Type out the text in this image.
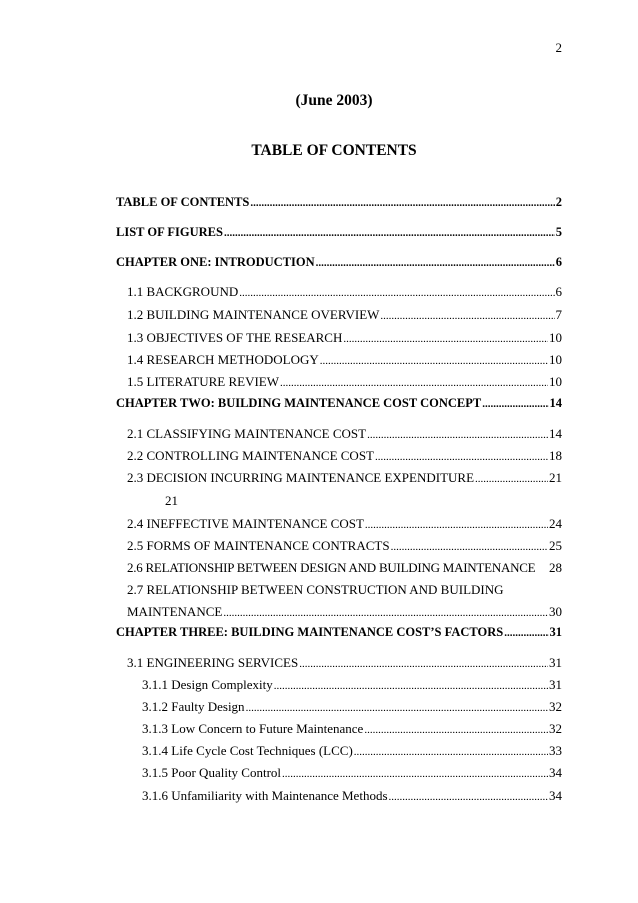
2
(June 2003)
TABLE OF CONTENTS
TABLE OF CONTENTS .....	2
LIST OF FIGURES .....	5
CHAPTER ONE: INTRODUCTION .....	6
1.1 BACKGROUND .....	6
1.2 BUILDING MAINTENANCE OVERVIEW .....	7
1.3 OBJECTIVES OF THE RESEARCH .....	10
1.4 RESEARCH METHODOLOGY .....	10
1.5 LITERATURE REVIEW .....	10
CHAPTER TWO: BUILDING MAINTENANCE COST CONCEPT .....	14
2.1 CLASSIFYING MAINTENANCE COST .....	14
2.2 CONTROLLING MAINTENANCE COST .....	18
2.3 DECISION INCURRING MAINTENANCE EXPENDITURE .....	21
21
2.4 INEFFECTIVE MAINTENANCE COST .....	24
2.5 FORMS OF MAINTENANCE CONTRACTS .....	25
2.6 RELATIONSHIP BETWEEN DESIGN AND BUILDING MAINTENANCE	28
2.7 RELATIONSHIP BETWEEN CONSTRUCTION AND BUILDING
MAINTENANCE .....	30
CHAPTER THREE: BUILDING MAINTENANCE COST’S FACTORS .....	31
3.1 ENGINEERING SERVICES .....	31
3.1.1 Design Complexity .....	31
3.1.2 Faulty Design .....	32
3.1.3 Low Concern to Future Maintenance .....	32
3.1.4 Life Cycle Cost Techniques (LCC) .....	33
3.1.5 Poor Quality Control .....	34
3.1.6 Unfamiliarity with Maintenance Methods .....	34
